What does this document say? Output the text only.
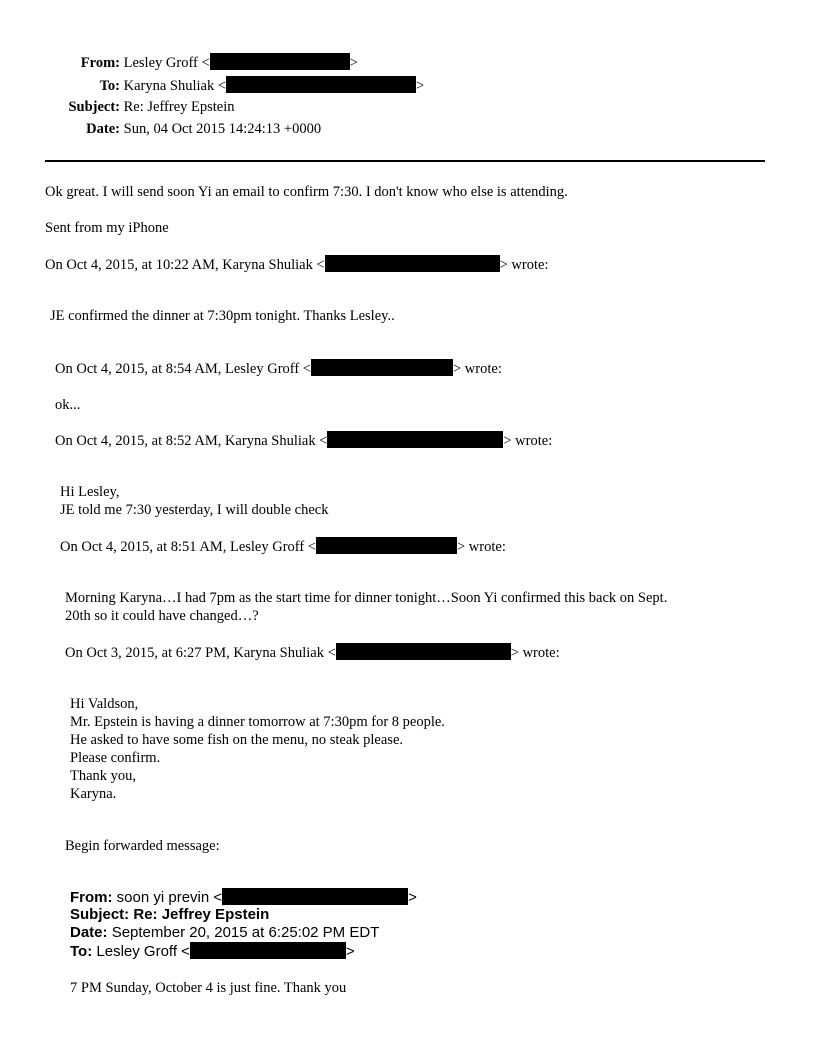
From: Lesley Groff <	>
To: Karyna Shuliak <	>
Subject: Re: Jeffrey Epstein
Date: Sun, 04 Oct 2015 14:24:13 +0000
Ok great. I will send soon Yi an email to confirm 7:30. I don't know who else is attending.
Sent from my iPhone
On Oct 4, 2015, at 10:22 AM, Karyna Shuliak <	> wrote:
JE confirmed the dinner at 7:30pm tonight. Thanks Lesley..
On Oct 4, 2015, at 8:54 AM, Lesley Groff <	> wrote:
ok...
On Oct 4, 2015, at 8:52 AM, Karyna Shuliak <	> wrote:
Hi Lesley,
JE told me 7:30 yesterday, I will double check
On Oct 4, 2015, at 8:51 AM, Lesley Groff <	> wrote:
Morning Karyna…I had 7pm as the start time for dinner tonight…Soon Yi confirmed this back on Sept.
20th so it could have changed…?
On Oct 3, 2015, at 6:27 PM, Karyna Shuliak <	> wrote:
Hi Valdson,
Mr. Epstein is having a dinner tomorrow at 7:30pm for 8 people.
He asked to have some fish on the menu, no steak please.
Please confirm.
Thank you,
Karyna.
Begin forwarded message:
From: soon yi previn <	>
Subject: Re: Jeffrey Epstein
Date: September 20, 2015 at 6:25:02 PM EDT
To: Lesley Groff <	>
7 PM Sunday, October 4 is just fine. Thank you
